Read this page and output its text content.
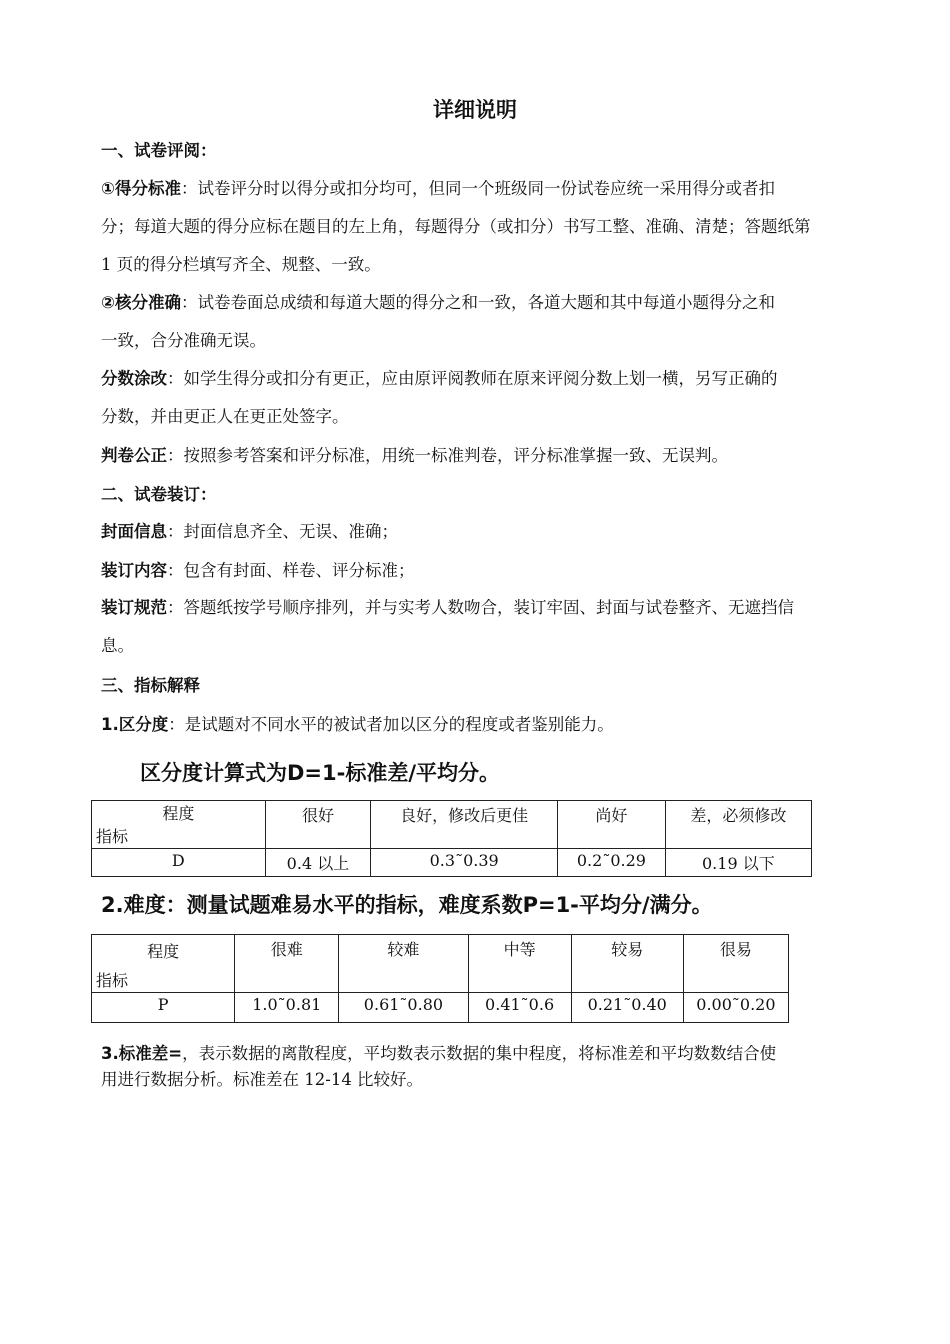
详细说明
一、试卷评阅：
①得分标准：试卷评分时以得分或扣分均可，但同一个班级同一份试卷应统一采用得分或者扣
分；每道大题的得分应标在题目的左上角，每题得分（或扣分）书写工整、准确、清楚；答题纸第
1 页的得分栏填写齐全、规整、一致。
②核分准确：试卷卷面总成绩和每道大题的得分之和一致，各道大题和其中每道小题得分之和
一致，合分准确无误。
分数涂改：如学生得分或扣分有更正，应由原评阅教师在原来评阅分数上划一横，另写正确的
分数，并由更正人在更正处签字。
判卷公正：按照参考答案和评分标准，用统一标准判卷，评分标准掌握一致、无误判。
二、试卷装订：
封面信息：封面信息齐全、无误、准确；
装订内容：包含有封面、样卷、评分标准；
装订规范：答题纸按学号顺序排列，并与实考人数吻合，装订牢固、封面与试卷整齐、无遮挡信
息。
三、指标解释
1.区分度：是试题对不同水平的被试者加以区分的程度或者鉴别能力。
区分度计算式为D=1-标准差/平均分。
程度
指标	很好	良好，修改后更佳	尚好	差，必须修改
D	0.4 以上	0.3˜0.39	0.2˜0.29	0.19 以下
2.难度：测量试题难易水平的指标，难度系数P=1-平均分/满分。
程度
指标	很难	较难	中等	较易	很易
P	1.0˜0.81	0.61˜0.80	0.41˜0.6	0.21˜0.40	0.00˜0.20
3.标准差=，表示数据的离散程度，平均数表示数据的集中程度，将标准差和平均数数结合使
用进行数据分析。标准差在 12-14 比较好。
